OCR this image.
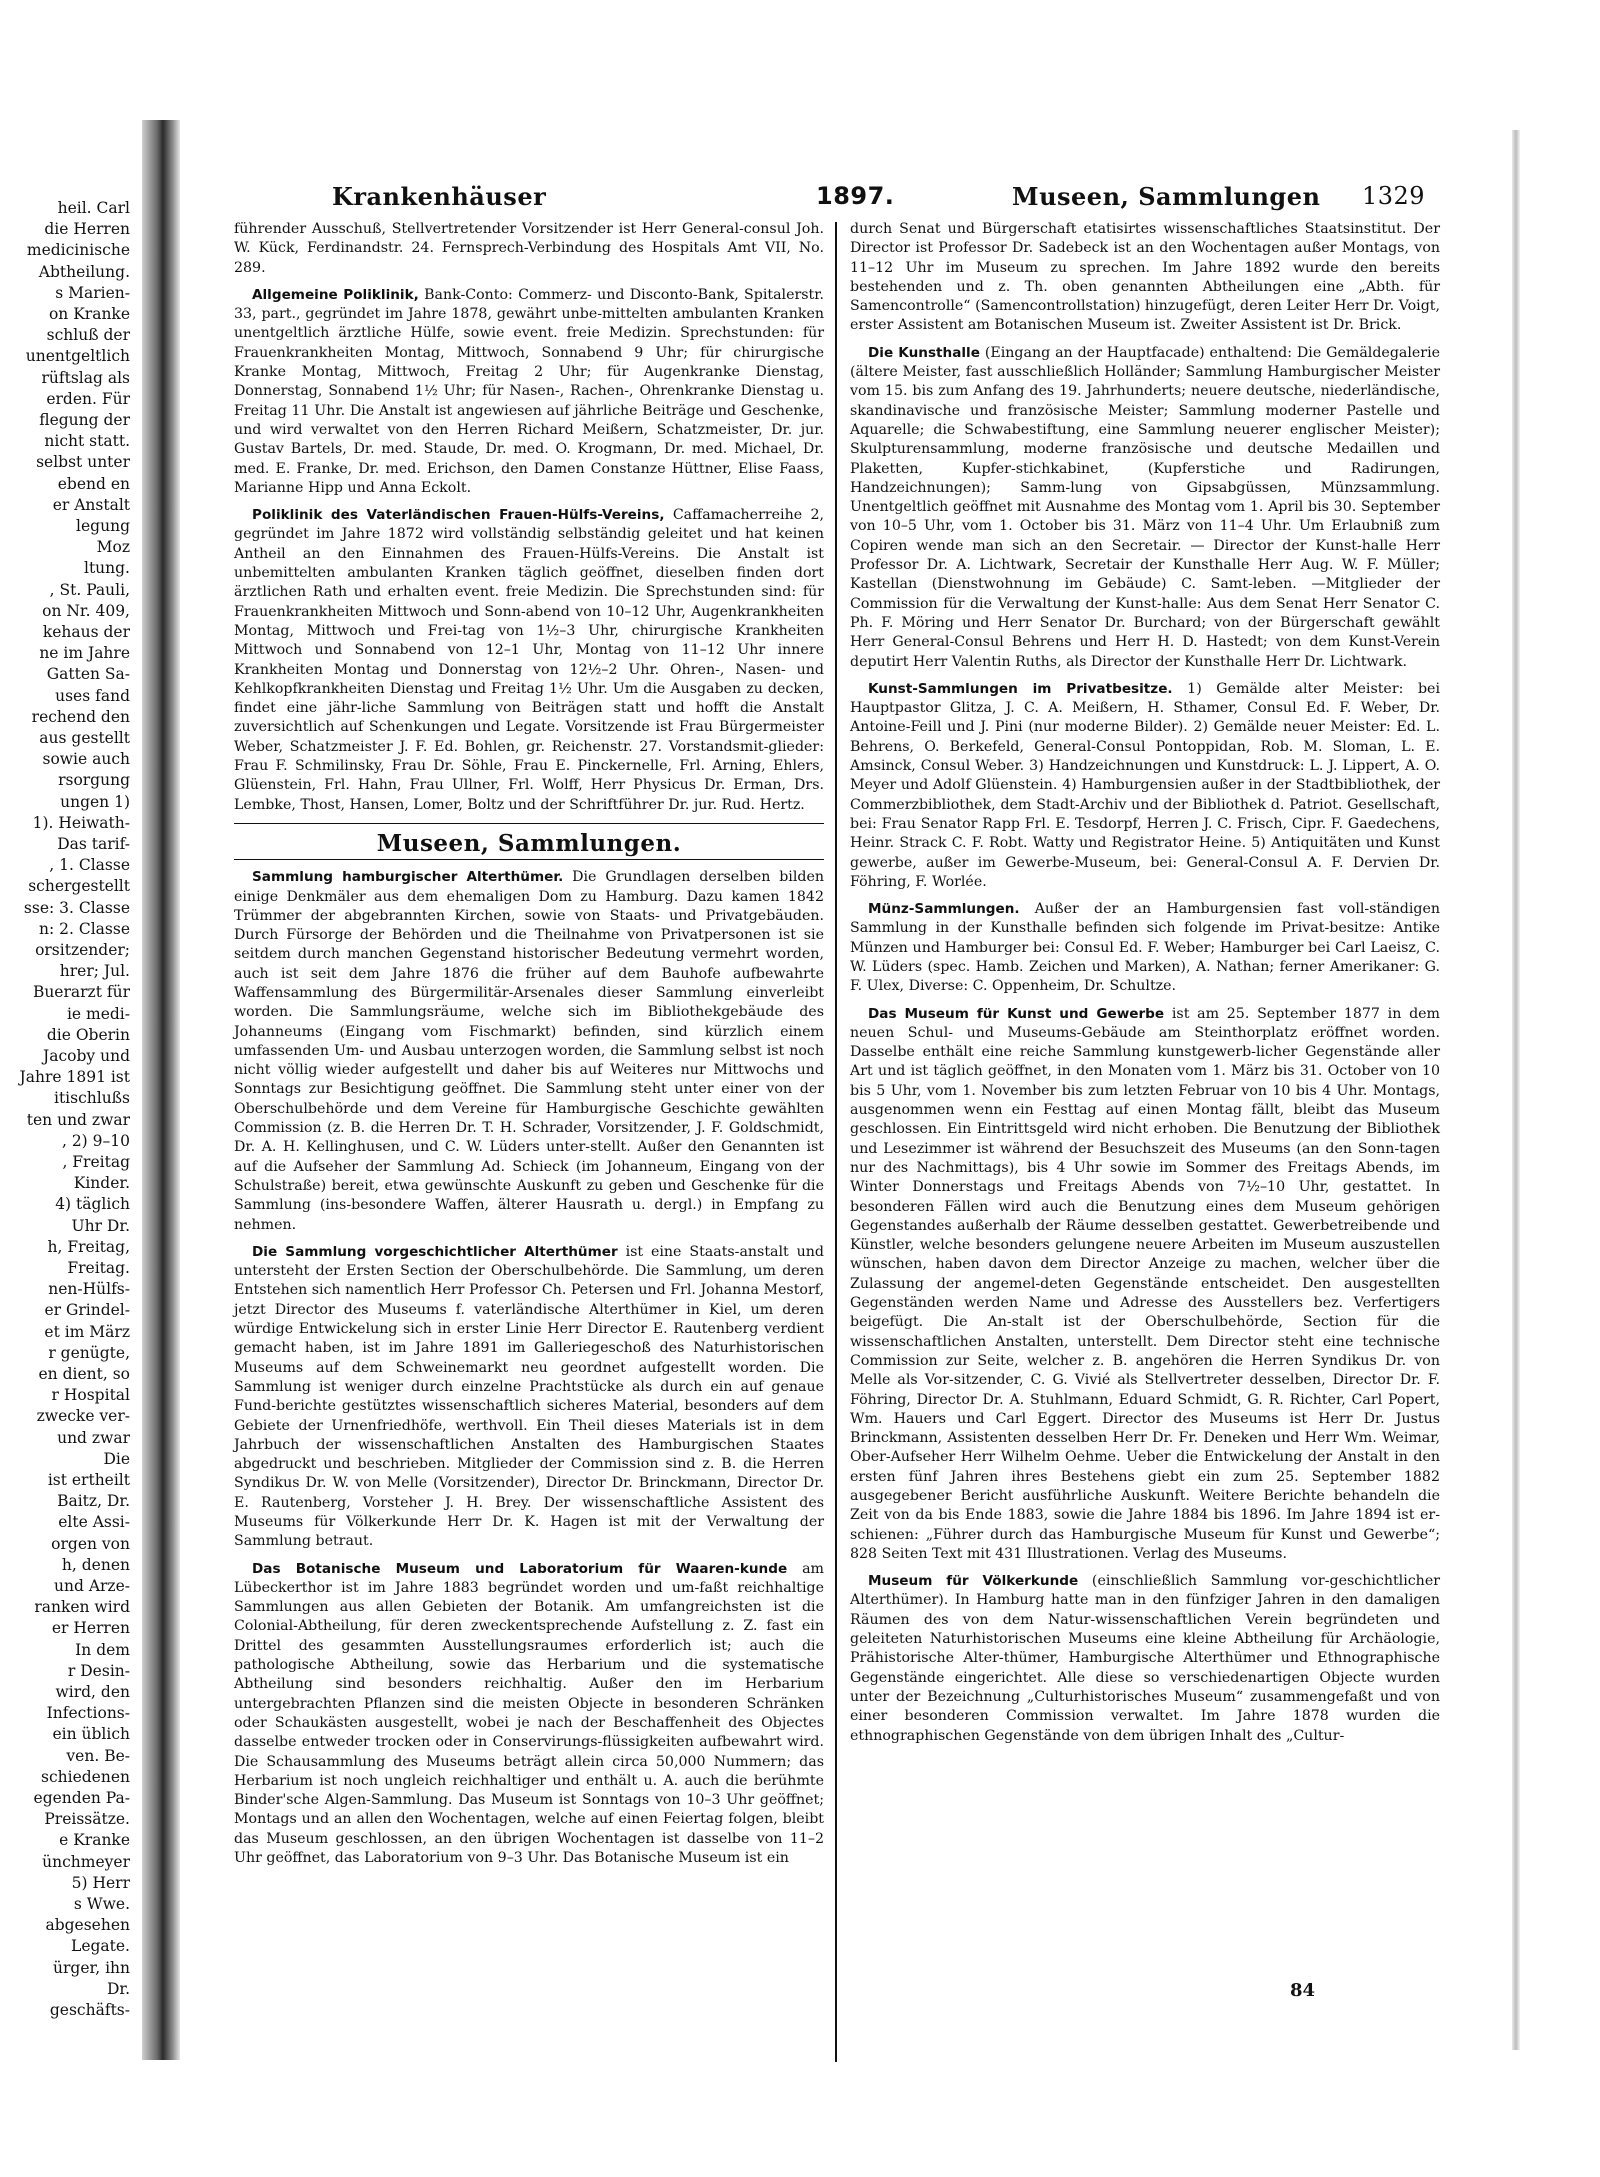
heil. Carl
die Herren
medicinische
Abtheilung.
s Marien-
on Kranke
schluß der
unentgeltlich
rüftslag als
erden. Für
flegung der
nicht statt.
selbst unter
ebend en
er Anstalt
legung
Moz
ltung.
, St. Pauli,
on Nr. 409,
kehaus der
ne im Jahre
Gatten Sa-
uses fand
rechend den
aus gestellt
sowie auch
rsorgung
ungen 1)
1). Heiwath-
Das tarif-
, 1. Classe
schergestellt
sse: 3. Classe
n: 2. Classe
orsitzender;
hrer; Jul.
Buerarzt für
ie medi-
die Oberin
Jacoby und
Jahre 1891 ist
itischlußs
ten und zwar
, 2) 9–10
, Freitag
Kinder.
4) täglich
Uhr Dr.
h, Freitag,
Freitag.
nen-Hülfs-
er Grindel-
et im März
r genügte,
en dient, so
r Hospital
zwecke ver-
und zwar
Die
ist ertheilt
Baitz, Dr.
elte Assi-
orgen von
h, denen
und Arze-
ranken wird
er Herren
In dem
r Desin-
wird, den
Infections-
ein üblich
ven. Be-
schiedenen
egenden Pa-
Preissätze.
e Kranke
ünchmeyer
5) Herr
s Wwe.
abgesehen
Legate.
ürger, ihn
Dr.
geschäfts-
Krankenhäuser	1897.	Museen, Sammlungen 1329

führender Ausschuß, Stellvertretender Vorsitzender ist Herr General-consul Joh. W. Kück, Ferdinandstr. 24. Fernsprech-Verbindung des Hospitals Amt VII, No. 289.

Allgemeine Poliklinik, Bank-Conto: Commerz- und Disconto-Bank, Spitalerstr. 33, part., gegründet im Jahre 1878, gewährt unbe-mittelten ambulanten Kranken unentgeltlich ärztliche Hülfe, sowie event. freie Medizin. Sprechstunden: für Frauenkrankheiten Montag, Mittwoch, Sonnabend 9 Uhr; für chirurgische Kranke Montag, Mittwoch, Freitag 2 Uhr; für Augenkranke Dienstag, Donnerstag, Sonnabend 1½ Uhr; für Nasen-, Rachen-, Ohrenkranke Dienstag u. Freitag 11 Uhr. Die Anstalt ist angewiesen auf jährliche Beiträge und Geschenke, und wird verwaltet von den Herren Richard Meißern, Schatzmeister, Dr. jur. Gustav Bartels, Dr. med. Staude, Dr. med. O. Krogmann, Dr. med. Michael, Dr. med. E. Franke, Dr. med. Erichson, den Damen Constanze Hüttner, Elise Faass, Marianne Hipp und Anna Eckolt.

Poliklinik des Vaterländischen Frauen-Hülfs-Vereins, Caffamacherreihe 2, gegründet im Jahre 1872 wird vollständig selbständig geleitet und hat keinen Antheil an den Einnahmen des Frauen-Hülfs-Vereins. Die Anstalt ist unbemittelten ambulanten Kranken täglich geöffnet, dieselben finden dort ärztlichen Rath und erhalten event. freie Medizin. Die Sprechstunden sind: für Frauenkrankheiten Mittwoch und Sonn-abend von 10–12 Uhr, Augenkrankheiten Montag, Mittwoch und Frei-tag von 1½–3 Uhr, chirurgische Krankheiten Mittwoch und Sonnabend von 12–1 Uhr, Montag von 11–12 Uhr innere Krankheiten Montag und Donnerstag von 12½–2 Uhr. Ohren-, Nasen- und Kehlkopfkrankheiten Dienstag und Freitag 1½ Uhr. Um die Ausgaben zu decken, findet eine jähr-liche Sammlung von Beiträgen statt und hofft die Anstalt zuversichtlich auf Schenkungen und Legate. Vorsitzende ist Frau Bürgermeister Weber, Schatzmeister J. F. Ed. Bohlen, gr. Reichenstr. 27. Vorstandsmit-glieder: Frau F. Schmilinsky, Frau Dr. Söhle, Frau E. Pinckernelle, Frl. Arning, Ehlers, Glüenstein, Frl. Hahn, Frau Ullner, Frl. Wolff, Herr Physicus Dr. Erman, Drs. Lembke, Thost, Hansen, Lomer, Boltz und der Schriftführer Dr. jur. Rud. Hertz.

Museen, Sammlungen.

Sammlung hamburgischer Alterthümer. Die Grundlagen derselben bilden einige Denkmäler aus dem ehemaligen Dom zu Hamburg. Dazu kamen 1842 Trümmer der abgebrannten Kirchen, sowie von Staats- und Privatgebäuden. Durch Fürsorge der Behörden und die Theilnahme von Privatpersonen ist sie seitdem durch manchen Gegenstand historischer Bedeutung vermehrt worden, auch ist seit dem Jahre 1876 die früher auf dem Bauhofe aufbewahrte Waffensammlung des Bürgermilitär-Arsenales dieser Sammlung einverleibt worden. Die Sammlungsräume, welche sich im Bibliothekgebäude des Johanneums (Eingang vom Fischmarkt) befinden, sind kürzlich einem umfassenden Um- und Ausbau unterzogen worden, die Sammlung selbst ist noch nicht völlig wieder aufgestellt und daher bis auf Weiteres nur Mittwochs und Sonntags zur Besichtigung geöffnet. Die Sammlung steht unter einer von der Oberschulbehörde und dem Vereine für Hamburgische Geschichte gewählten Commission (z. B. die Herren Dr. T. H. Schrader, Vorsitzender, J. F. Goldschmidt, Dr. A. H. Kellinghusen, und C. W. Lüders unter-stellt. Außer den Genannten ist auf die Aufseher der Sammlung Ad. Schieck (im Johanneum, Eingang von der Schulstraße) bereit, etwa gewünschte Auskunft zu geben und Geschenke für die Sammlung (ins-besondere Waffen, älterer Hausrath u. dergl.) in Empfang zu nehmen.

Die Sammlung vorgeschichtlicher Alterthümer ist eine Staats-anstalt und untersteht der Ersten Section der Oberschulbehörde. Die Sammlung, um deren Entstehen sich namentlich Herr Professor Ch. Petersen und Frl. Johanna Mestorf, jetzt Director des Museums f. vaterländische Alterthümer in Kiel, um deren würdige Entwickelung sich in erster Linie Herr Director E. Rautenberg verdient gemacht haben, ist im Jahre 1891 im Galleriegeschoß des Naturhistorischen Museums auf dem Schweinemarkt neu geordnet aufgestellt worden. Die Sammlung ist weniger durch einzelne Prachtstücke als durch ein auf genaue Fund-berichte gestütztes wissenschaftlich sicheres Material, besonders auf dem Gebiete der Urnenfriedhöfe, werthvoll. Ein Theil dieses Materials ist in dem Jahrbuch der wissenschaftlichen Anstalten des Hamburgischen Staates abgedruckt und beschrieben. Mitglieder der Commission sind z. B. die Herren Syndikus Dr. W. von Melle (Vorsitzender), Director Dr. Brinckmann, Director Dr. E. Rautenberg, Vorsteher J. H. Brey. Der wissenschaftliche Assistent des Museums für Völkerkunde Herr Dr. K. Hagen ist mit der Verwaltung der Sammlung betraut.

Das Botanische Museum und Laboratorium für Waaren-kunde am Lübeckerthor ist im Jahre 1883 begründet worden und um-faßt reichhaltige Sammlungen aus allen Gebieten der Botanik. Am umfangreichsten ist die Colonial-Abtheilung, für deren zweckentsprechende Aufstellung z. Z. fast ein Drittel des gesammten Ausstellungsraumes erforderlich ist; auch die pathologische Abtheilung, sowie das Herbarium und die systematische Abtheilung sind besonders reichhaltig. Außer den im Herbarium untergebrachten Pflanzen sind die meisten Objecte in besonderen Schränken oder Schaukästen ausgestellt, wobei je nach der Beschaffenheit des Objectes dasselbe entweder trocken oder in Conservirungs-flüssigkeiten aufbewahrt wird. Die Schausammlung des Museums beträgt allein circa 50,000 Nummern; das Herbarium ist noch ungleich reichhaltiger und enthält u. A. auch die berühmte Binder'sche Algen-Sammlung. Das Museum ist Sonntags von 10–3 Uhr geöffnet; Montags und an allen den Wochentagen, welche auf einen Feiertag folgen, bleibt das Museum geschlossen, an den übrigen Wochentagen ist dasselbe von 11–2 Uhr geöffnet, das Laboratorium von 9–3 Uhr. Das Botanische Museum ist ein

durch Senat und Bürgerschaft etatisirtes wissenschaftliches Staatsinstitut. Der Director ist Professor Dr. Sadebeck ist an den Wochentagen außer Montags, von 11–12 Uhr im Museum zu sprechen. Im Jahre 1892 wurde den bereits bestehenden und z. Th. oben genannten Abtheilungen eine „Abth. für Samencontrolle“ (Samencontrollstation) hinzugefügt, deren Leiter Herr Dr. Voigt, erster Assistent am Botanischen Museum ist. Zweiter Assistent ist Dr. Brick.

Die Kunsthalle (Eingang an der Hauptfacade) enthaltend: Die Gemäldegalerie (ältere Meister, fast ausschließlich Holländer; Sammlung Hamburgischer Meister vom 15. bis zum Anfang des 19. Jahrhunderts; neuere deutsche, niederländische, skandinavische und französische Meister; Sammlung moderner Pastelle und Aquarelle; die Schwabestiftung, eine Sammlung neuerer englischer Meister); Skulpturensammlung, moderne französische und deutsche Medaillen und Plaketten, Kupfer-stichkabinet, (Kupferstiche und Radirungen, Handzeichnungen); Samm-lung von Gipsabgüssen, Münzsammlung. Unentgeltlich geöffnet mit Ausnahme des Montag vom 1. April bis 30. September von 10–5 Uhr, vom 1. October bis 31. März von 11–4 Uhr. Um Erlaubniß zum Copiren wende man sich an den Secretair. — Director der Kunst-halle Herr Professor Dr. A. Lichtwark, Secretair der Kunsthalle Herr Aug. W. F. Müller; Kastellan (Dienstwohnung im Gebäude) C. Samt-leben. —Mitglieder der Commission für die Verwaltung der Kunst-halle: Aus dem Senat Herr Senator C. Ph. F. Möring und Herr Senator Dr. Burchard; von der Bürgerschaft gewählt Herr General-Consul Behrens und Herr H. D. Hastedt; von dem Kunst-Verein deputirt Herr Valentin Ruths, als Director der Kunsthalle Herr Dr. Lichtwark.

Kunst-Sammlungen im Privatbesitze. 1) Gemälde alter Meister: bei Hauptpastor Glitza, J. C. A. Meißern, H. Sthamer, Consul Ed. F. Weber, Dr. Antoine-Feill und J. Pini (nur moderne Bilder). 2) Gemälde neuer Meister: Ed. L. Behrens, O. Berkefeld, General-Consul Pontoppidan, Rob. M. Sloman, L. E. Amsinck, Consul Weber. 3) Handzeichnungen und Kunstdruck: L. J. Lippert, A. O. Meyer und Adolf Glüenstein. 4) Hamburgensien außer in der Stadtbibliothek, der Commerzbibliothek, dem Stadt-Archiv und der Bibliothek d. Patriot. Gesellschaft, bei: Frau Senator Rapp Frl. E. Tesdorpf, Herren J. C. Frisch, Cipr. F. Gaedechens, Heinr. Strack C. F. Robt. Watty und Registrator Heine. 5) Antiquitäten und Kunst gewerbe, außer im Gewerbe-Museum, bei: General-Consul A. F. Dervien Dr. Föhring, F. Worlée.

Münz-Sammlungen. Außer der an Hamburgensien fast voll-ständigen Sammlung in der Kunsthalle befinden sich folgende im Privat-besitze: Antike Münzen und Hamburger bei: Consul Ed. F. Weber; Hamburger bei Carl Laeisz, C. W. Lüders (spec. Hamb. Zeichen und Marken), A. Nathan; ferner Amerikaner: G. F. Ulex, Diverse: C. Oppenheim, Dr. Schultze.

Das Museum für Kunst und Gewerbe ist am 25. September 1877 in dem neuen Schul- und Museums-Gebäude am Steinthorplatz eröffnet worden. Dasselbe enthält eine reiche Sammlung kunstgewerb-licher Gegenstände aller Art und ist täglich geöffnet, in den Monaten vom 1. März bis 31. October von 10 bis 5 Uhr, vom 1. November bis zum letzten Februar von 10 bis 4 Uhr. Montags, ausgenommen wenn ein Festtag auf einen Montag fällt, bleibt das Museum geschlossen. Ein Eintrittsgeld wird nicht erhoben. Die Benutzung der Bibliothek und Lesezimmer ist während der Besuchszeit des Museums (an den Sonn-tagen nur des Nachmittags), bis 4 Uhr sowie im Sommer des Freitags Abends, im Winter Donnerstags und Freitags Abends von 7½–10 Uhr, gestattet. In besonderen Fällen wird auch die Benutzung eines dem Museum gehörigen Gegenstandes außerhalb der Räume desselben gestattet. Gewerbetreibende und Künstler, welche besonders gelungene neuere Arbeiten im Museum auszustellen wünschen, haben davon dem Director Anzeige zu machen, welcher über die Zulassung der angemel-deten Gegenstände entscheidet. Den ausgestellten Gegenständen werden Name und Adresse des Ausstellers bez. Verfertigers beigefügt. Die An-stalt ist der Oberschulbehörde, Section für die wissenschaftlichen Anstalten, unterstellt. Dem Director steht eine technische Commission zur Seite, welcher z. B. angehören die Herren Syndikus Dr. von Melle als Vor-sitzender, C. G. Vivié als Stellvertreter desselben, Director Dr. F. Föhring, Director Dr. A. Stuhlmann, Eduard Schmidt, G. R. Richter, Carl Popert, Wm. Hauers und Carl Eggert. Director des Museums ist Herr Dr. Justus Brinckmann, Assistenten desselben Herr Dr. Fr. Deneken und Herr Wm. Weimar, Ober-Aufseher Herr Wilhelm Oehme. Ueber die Entwickelung der Anstalt in den ersten fünf Jahren ihres Bestehens giebt ein zum 25. September 1882 ausgegebener Bericht ausführliche Auskunft. Weitere Berichte behandeln die Zeit von da bis Ende 1883, sowie die Jahre 1884 bis 1896. Im Jahre 1894 ist er-schienen: „Führer durch das Hamburgische Museum für Kunst und Gewerbe“; 828 Seiten Text mit 431 Illustrationen. Verlag des Museums.

Museum für Völkerkunde (einschließlich Sammlung vor-geschichtlicher Alterthümer). In Hamburg hatte man in den fünfziger Jahren in den damaligen Räumen des von dem Natur-wissenschaftlichen Verein begründeten und geleiteten Naturhistorischen Museums eine kleine Abtheilung für Archäologie, Prähistorische Alter-thümer, Hamburgische Alterthümer und Ethnographische Gegenstände eingerichtet. Alle diese so verschiedenartigen Objecte wurden unter der Bezeichnung „Culturhistorisches Museum“ zusammengefaßt und von einer besonderen Commission verwaltet. Im Jahre 1878 wurden die ethnographischen Gegenstände von dem übrigen Inhalt des „Cultur-

84
